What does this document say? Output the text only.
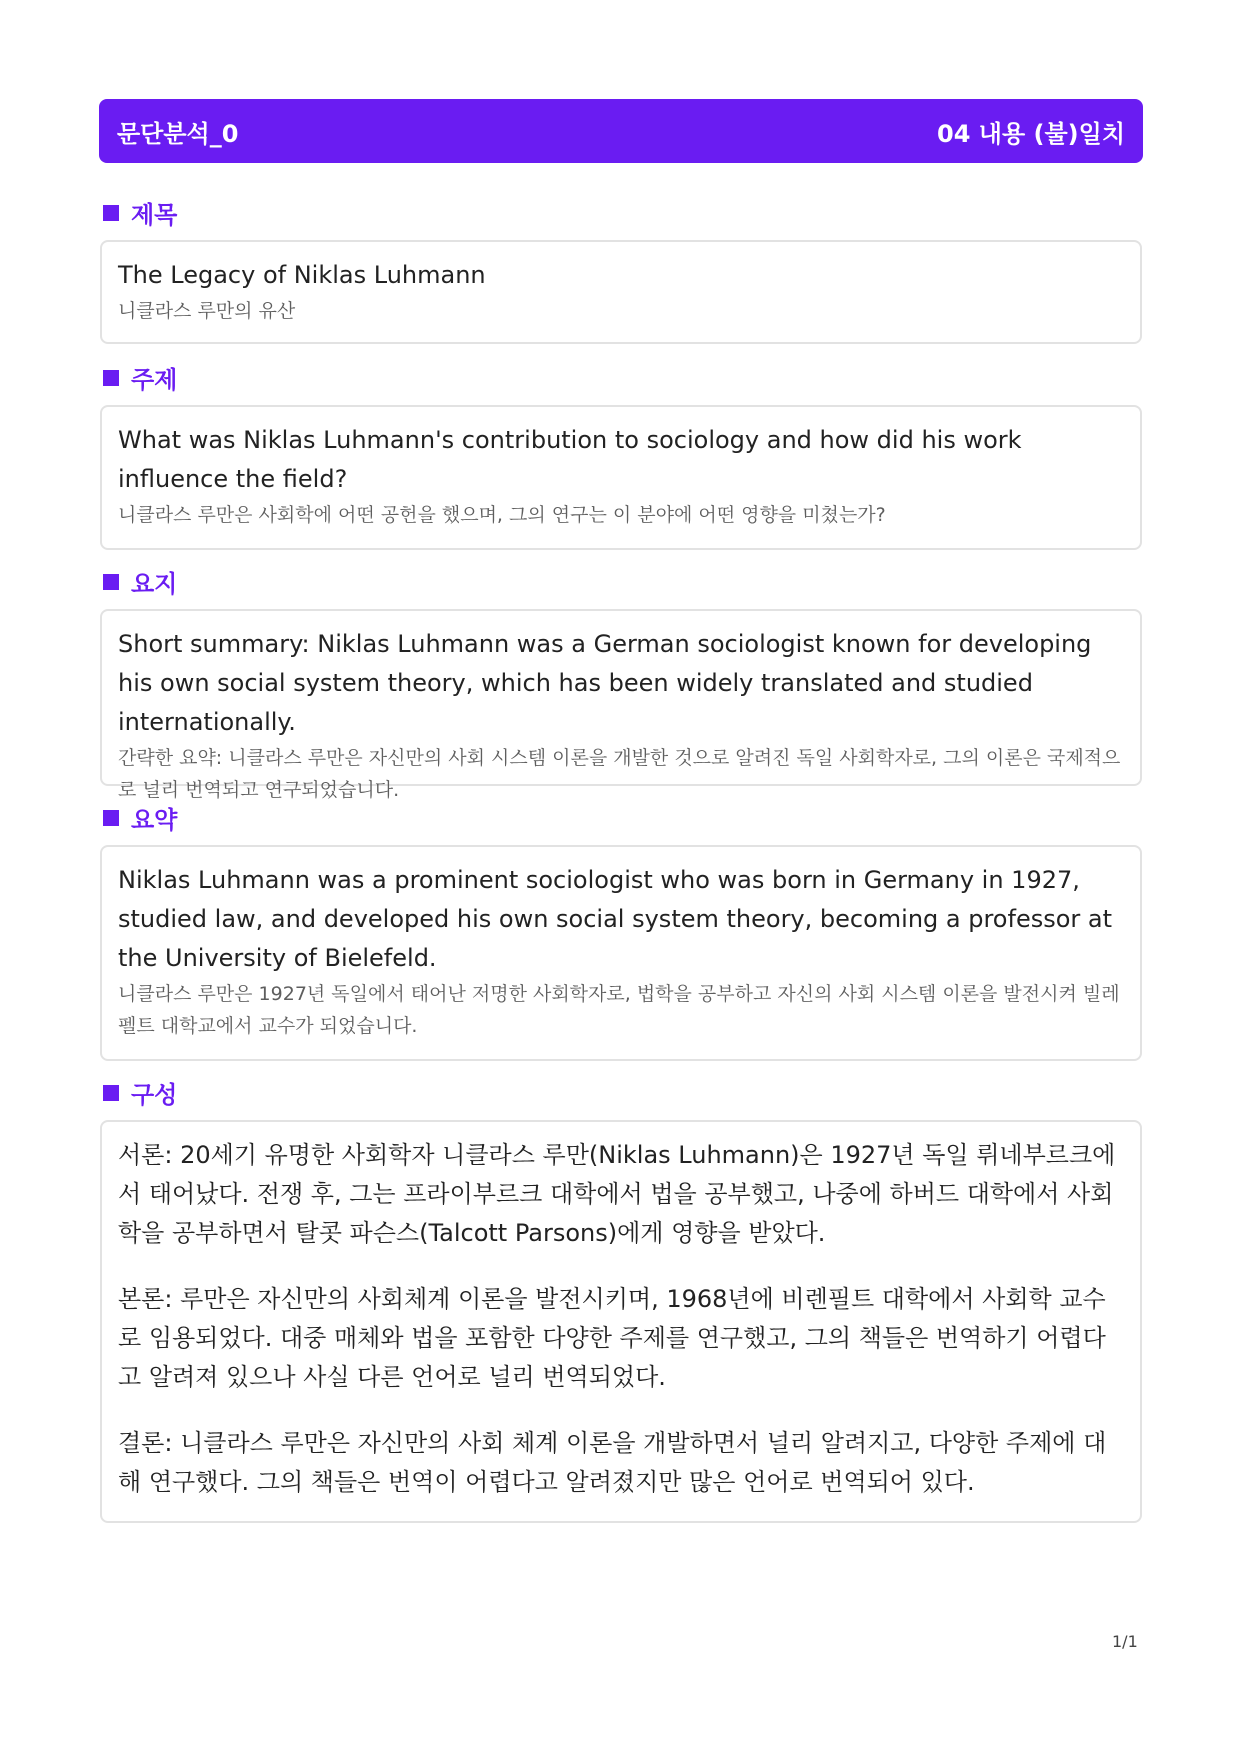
문단분석_0	04 내용 (불)일치
제목

The Legacy of Niklas Luhmann

니클라스 루만의 유산

주제

What was Niklas Luhmann's contribution to sociology and how did his work influence the field?

니클라스 루만은 사회학에 어떤 공헌을 했으며, 그의 연구는 이 분야에 어떤 영향을 미쳤는가?

요지

Short summary: Niklas Luhmann was a German sociologist known for developing his own social system theory, which has been widely translated and studied internationally.

간략한 요약: 니클라스 루만은 자신만의 사회 시스템 이론을 개발한 것으로 알려진 독일 사회학자로, 그의 이론은 국제적으로 널리 번역되고 연구되었습니다.

요약

Niklas Luhmann was a prominent sociologist who was born in Germany in 1927, studied law, and developed his own social system theory, becoming a professor at the University of Bielefeld.

니클라스 루만은 1927년 독일에서 태어난 저명한 사회학자로, 법학을 공부하고 자신의 사회 시스템 이론을 발전시켜 빌레펠트 대학교에서 교수가 되었습니다.

구성

서론: 20세기 유명한 사회학자 니클라스 루만(Niklas Luhmann)은 1927년 독일 뤼네부르크에서 태어났다. 전쟁 후, 그는 프라이부르크 대학에서 법을 공부했고, 나중에 하버드 대학에서 사회학을 공부하면서 탈콧 파슨스(Talcott Parsons)에게 영향을 받았다.

본론: 루만은 자신만의 사회체계 이론을 발전시키며, 1968년에 비렌필트 대학에서 사회학 교수로 임용되었다. 대중 매체와 법을 포함한 다양한 주제를 연구했고, 그의 책들은 번역하기 어렵다고 알려져 있으나 사실 다른 언어로 널리 번역되었다.

결론: 니클라스 루만은 자신만의 사회 체계 이론을 개발하면서 널리 알려지고, 다양한 주제에 대해 연구했다. 그의 책들은 번역이 어렵다고 알려졌지만 많은 언어로 번역되어 있다.

1/1
